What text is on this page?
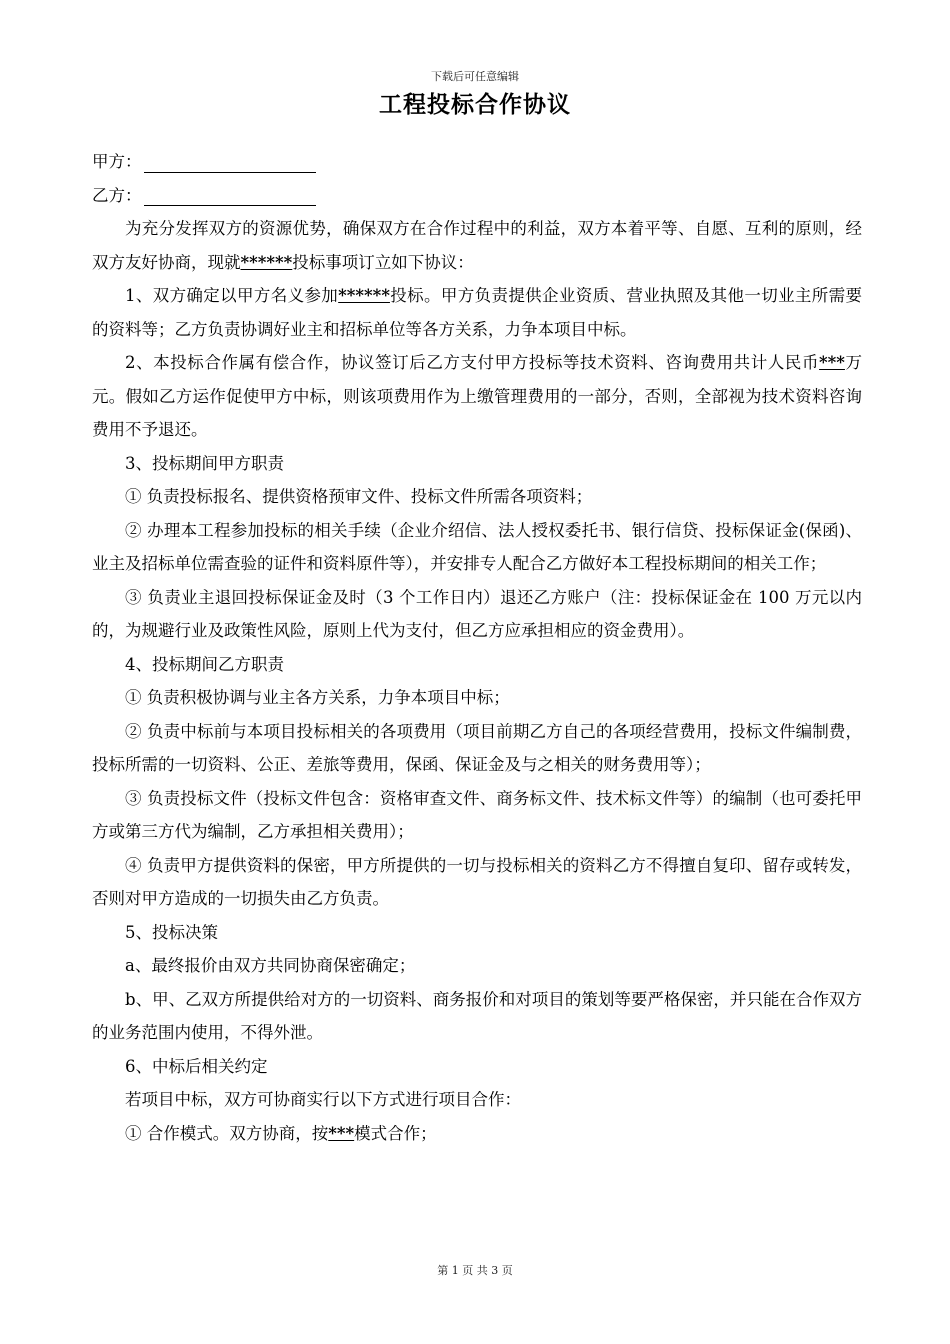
下载后可任意编辑
工程投标合作协议
甲方：
乙方：

为充分发挥双方的资源优势，确保双方在合作过程中的利益，双方本着平等、自愿、互利的原则，经双方友好协商，现就******投标事项订立如下协议：

1、双方确定以甲方名义参加******投标。甲方负责提供企业资质、营业执照及其他一切业主所需要的资料等；乙方负责协调好业主和招标单位等各方关系，力争本项目中标。

2、本投标合作属有偿合作，协议签订后乙方支付甲方投标等技术资料、咨询费用共计人民币***万元。假如乙方运作促使甲方中标，则该项费用作为上缴管理费用的一部分，否则，全部视为技术资料咨询费用不予退还。

3、投标期间甲方职责

① 负责投标报名、提供资格预审文件、投标文件所需各项资料；

② 办理本工程参加投标的相关手续（企业介绍信、法人授权委托书、银行信贷、投标保证金(保函)、业主及招标单位需查验的证件和资料原件等），并安排专人配合乙方做好本工程投标期间的相关工作；

③ 负责业主退回投标保证金及时（3 个工作日内）退还乙方账户（注：投标保证金在 100 万元以内的，为规避行业及政策性风险，原则上代为支付，但乙方应承担相应的资金费用）。

4、投标期间乙方职责

① 负责积极协调与业主各方关系，力争本项目中标；

② 负责中标前与本项目投标相关的各项费用（项目前期乙方自己的各项经营费用，投标文件编制费，投标所需的一切资料、公正、差旅等费用，保函、保证金及与之相关的财务费用等）；

③ 负责投标文件（投标文件包含：资格审查文件、商务标文件、技术标文件等）的编制（也可委托甲方或第三方代为编制，乙方承担相关费用）；

④ 负责甲方提供资料的保密，甲方所提供的一切与投标相关的资料乙方不得擅自复印、留存或转发，否则对甲方造成的一切损失由乙方负责。

5、投标决策

a、最终报价由双方共同协商保密确定；

b、甲、乙双方所提供给对方的一切资料、商务报价和对项目的策划等要严格保密，并只能在合作双方的业务范围内使用，不得外泄。

6、中标后相关约定

若项目中标，双方可协商实行以下方式进行项目合作：

① 合作模式。双方协商，按***模式合作；

第 1 页 共 3 页
